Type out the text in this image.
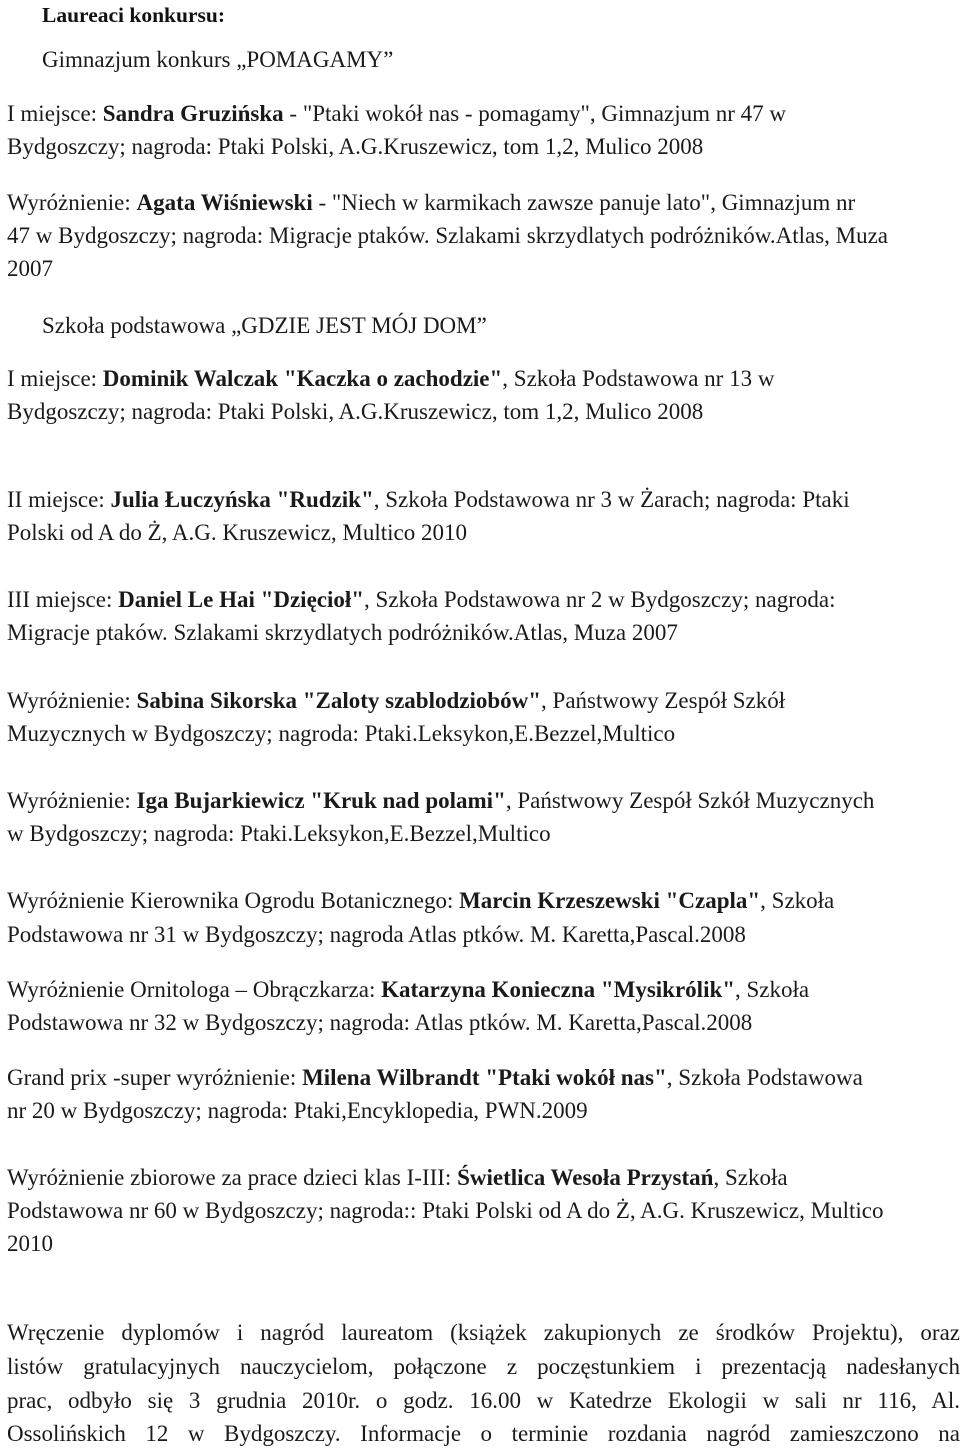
Laureaci konkursu:
Gimnazjum konkurs „POMAGAMY”
I miejsce: Sandra Gruzińska - "Ptaki wokół nas - pomagamy", Gimnazjum nr 47 w
Bydgoszczy; nagroda: Ptaki Polski, A.G.Kruszewicz, tom 1,2, Mulico 2008
Wyróżnienie: Agata Wiśniewski - "Niech w karmikach zawsze panuje lato", Gimnazjum nr
47 w Bydgoszczy; nagroda: Migracje ptaków. Szlakami skrzydlatych podróżników.Atlas, Muza
2007
Szkoła podstawowa „GDZIE JEST MÓJ DOM”
I miejsce: Dominik Walczak "Kaczka o zachodzie", Szkoła Podstawowa nr 13 w
Bydgoszczy; nagroda: Ptaki Polski, A.G.Kruszewicz, tom 1,2, Mulico 2008
II miejsce: Julia Łuczyńska "Rudzik", Szkoła Podstawowa nr 3 w Żarach; nagroda: Ptaki
Polski od A do Ż, A.G. Kruszewicz, Multico 2010
III miejsce: Daniel Le Hai "Dzięcioł", Szkoła Podstawowa nr 2 w Bydgoszczy; nagroda:
Migracje ptaków. Szlakami skrzydlatych podróżników.Atlas, Muza 2007
Wyróżnienie: Sabina Sikorska "Zaloty szablodziobów", Państwowy Zespół Szkół
Muzycznych w Bydgoszczy; nagroda: Ptaki.Leksykon,E.Bezzel,Multico
Wyróżnienie: Iga Bujarkiewicz "Kruk nad polami", Państwowy Zespół Szkół Muzycznych
w Bydgoszczy; nagroda: Ptaki.Leksykon,E.Bezzel,Multico
Wyróżnienie Kierownika Ogrodu Botanicznego: Marcin Krzeszewski "Czapla", Szkoła
Podstawowa nr 31 w Bydgoszczy; nagroda Atlas ptków. M. Karetta,Pascal.2008
Wyróżnienie Ornitologa – Obrączkarza: Katarzyna Konieczna "Mysikrólik", Szkoła
Podstawowa nr 32 w Bydgoszczy; nagroda: Atlas ptków. M. Karetta,Pascal.2008
Grand prix -super wyróżnienie: Milena Wilbrandt "Ptaki wokół nas", Szkoła Podstawowa
nr 20 w Bydgoszczy; nagroda: Ptaki,Encyklopedia, PWN.2009
Wyróżnienie zbiorowe za prace dzieci klas I-III: Świetlica Wesoła Przystań, Szkoła
Podstawowa nr 60 w Bydgoszczy; nagroda:: Ptaki Polski od A do Ż, A.G. Kruszewicz, Multico
2010
Wręczenie dyplomów i nagród laureatom (książek zakupionych ze środków Projektu), oraz
listów gratulacyjnych nauczycielom, połączone z poczęstunkiem i prezentacją nadesłanych
prac, odbyło się 3 grudnia 2010r. o godz. 16.00 w Katedrze Ekologii w sali nr 116, Al.
Ossolińskich 12 w Bydgoszczy. Informacje o terminie rozdania nagród zamieszczono na
